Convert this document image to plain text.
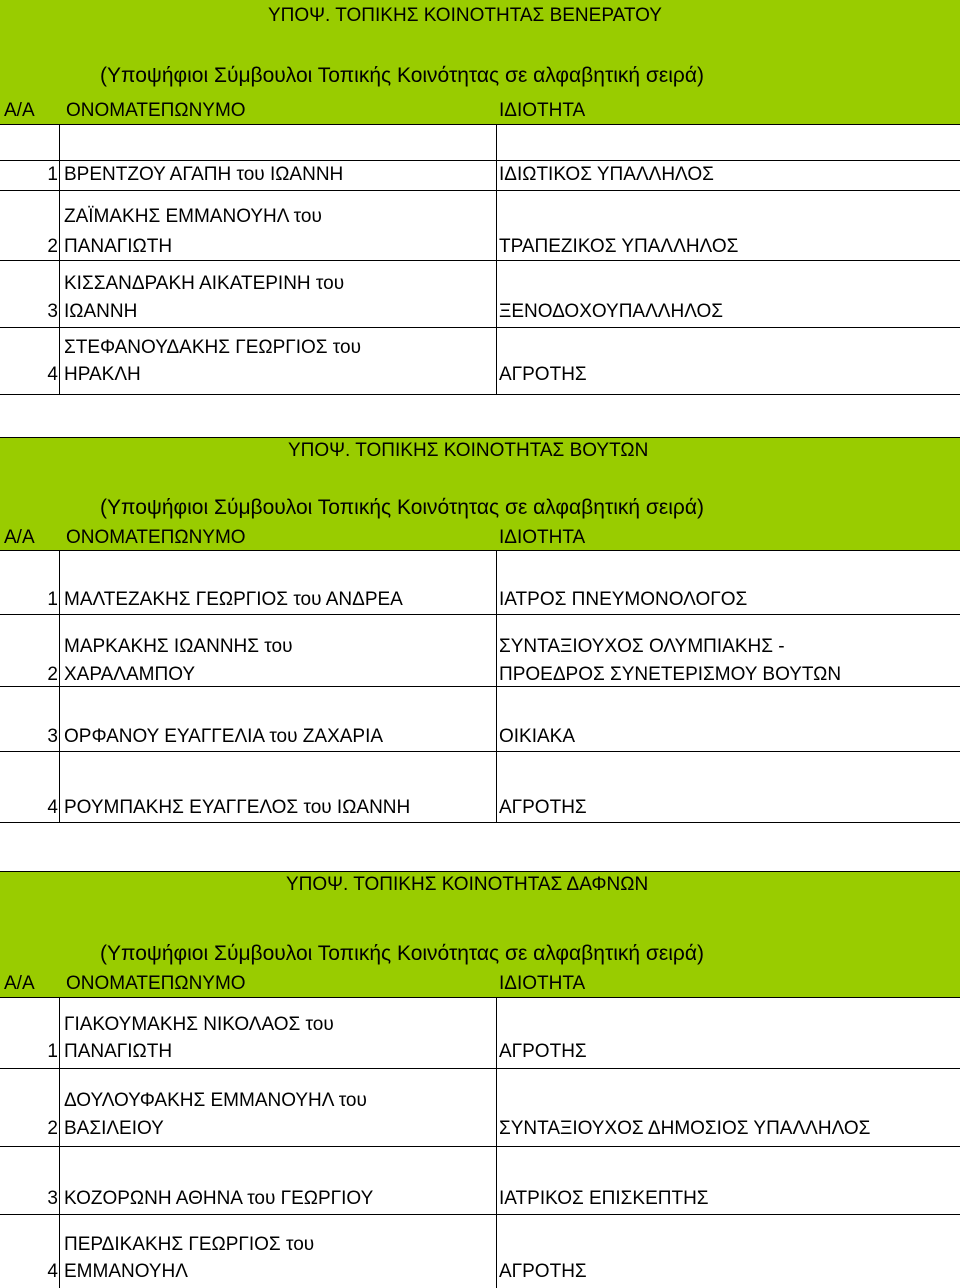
ΥΠΟΨ. ΤΟΠΙΚΗΣ ΚΟΙΝΟΤΗΤΑΣ ΒΕΝΕΡΑΤΟΥ
(Υποψήφιοι Σύμβουλοι Τοπικής Κοινότητας σε αλφαβητική σειρά)
Α/Α ΟΝΟΜΑΤΕΠΩΝΥΜΟ	ΙΔΙΟΤΗΤΑ
1 ΒΡΕΝΤΖΟΥ ΑΓΑΠΗ του ΙΩΑΝΝΗ	ΙΔΙΩΤΙΚΟΣ ΥΠΑΛΛΗΛΟΣ
ΖΑΪΜΑΚΗΣ ΕΜΜΑΝΟΥΗΛ του
2 ΠΑΝΑΓΙΩΤΗ	ΤΡΑΠΕΖΙΚΟΣ ΥΠΑΛΛΗΛΟΣ
ΚΙΣΣΑΝΔΡΑΚΗ ΑΙΚΑΤΕΡΙΝΗ του
3 ΙΩΑΝΝΗ	ΞΕΝΟΔΟΧΟΥΠΑΛΛΗΛΟΣ
ΣΤΕΦΑΝΟΥΔΑΚΗΣ ΓΕΩΡΓΙΟΣ του
4 ΗΡΑΚΛΗ	ΑΓΡΟΤΗΣ
ΥΠΟΨ. ΤΟΠΙΚΗΣ ΚΟΙΝΟΤΗΤΑΣ ΒΟΥΤΩΝ
(Υποψήφιοι Σύμβουλοι Τοπικής Κοινότητας σε αλφαβητική σειρά)
Α/Α ΟΝΟΜΑΤΕΠΩΝΥΜΟ	ΙΔΙΟΤΗΤΑ
1 ΜΑΛΤΕΖΑΚΗΣ ΓΕΩΡΓΙΟΣ του ΑΝΔΡΕΑ	ΙΑΤΡΟΣ ΠΝΕΥΜΟΝΟΛΟΓΟΣ
ΜΑΡΚΑΚΗΣ ΙΩΑΝΝΗΣ του	ΣΥΝΤΑΞΙΟΥΧΟΣ ΟΛΥΜΠΙΑΚΗΣ -
2 ΧΑΡΑΛΑΜΠΟΥ	ΠΡΟΕΔΡΟΣ ΣΥΝΕΤΕΡΙΣΜΟΥ ΒΟΥΤΩΝ
3 ΟΡΦΑΝΟΥ ΕΥΑΓΓΕΛΙΑ του ΖΑΧΑΡΙΑ	ΟΙΚΙΑΚΑ
4 ΡΟΥΜΠΑΚΗΣ ΕΥΑΓΓΕΛΟΣ του ΙΩΑΝΝΗ	ΑΓΡΟΤΗΣ
ΥΠΟΨ. ΤΟΠΙΚΗΣ ΚΟΙΝΟΤΗΤΑΣ ΔΑΦΝΩΝ
(Υποψήφιοι Σύμβουλοι Τοπικής Κοινότητας σε αλφαβητική σειρά)
Α/Α ΟΝΟΜΑΤΕΠΩΝΥΜΟ	ΙΔΙΟΤΗΤΑ
ΓΙΑΚΟΥΜΑΚΗΣ ΝΙΚΟΛΑΟΣ του
1 ΠΑΝΑΓΙΩΤΗ	ΑΓΡΟΤΗΣ
ΔΟΥΛΟΥΦΑΚΗΣ ΕΜΜΑΝΟΥΗΛ του
2 ΒΑΣΙΛΕΙΟΥ	ΣΥΝΤΑΞΙΟΥΧΟΣ ΔΗΜΟΣΙΟΣ ΥΠΑΛΛΗΛΟΣ
3 ΚΟΖΟΡΩΝΗ ΑΘΗΝΑ του ΓΕΩΡΓΙΟΥ	ΙΑΤΡΙΚΟΣ ΕΠΙΣΚΕΠΤΗΣ
ΠΕΡΔΙΚΑΚΗΣ ΓΕΩΡΓΙΟΣ του
4 ΕΜΜΑΝΟΥΗΛ	ΑΓΡΟΤΗΣ
